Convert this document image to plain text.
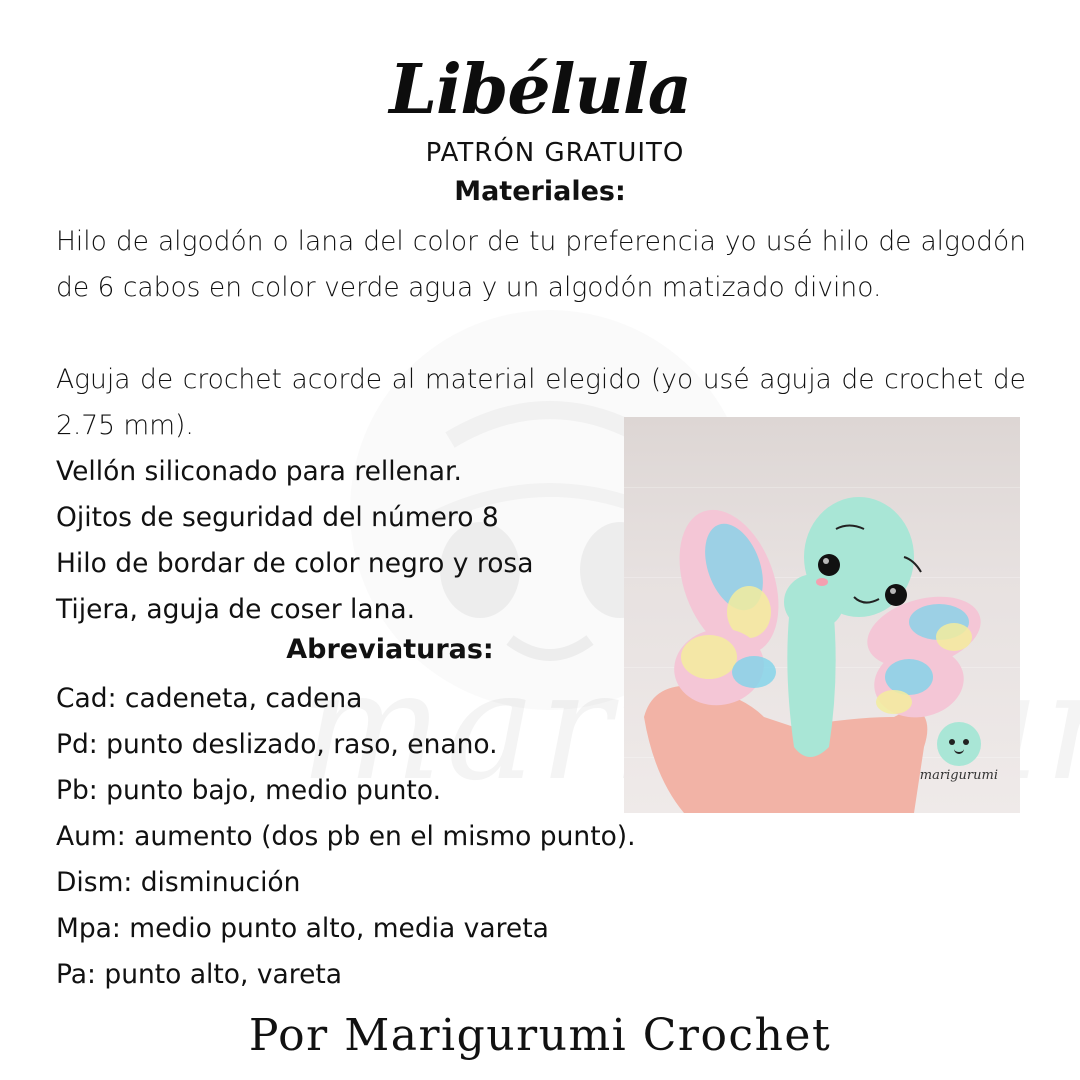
Libélula
PATRÓN GRATUITO
Materiales:

Hilo de algodón o lana del color de tu preferencia yo usé hilo de algodón de 6 cabos en color verde agua y un algodón matizado divino.

Aguja de crochet acorde al material elegido (yo usé aguja de crochet de 2.75 mm).

Vellón siliconado para rellenar.
Ojitos de seguridad del número 8
Hilo de bordar de color negro y rosa
Tijera, aguja de coser lana.
Abreviaturas:
Cad: cadeneta, cadena
Pd: punto deslizado, raso, enano.
Pb: punto bajo, medio punto.
Aum: aumento (dos pb en el mismo punto).
Dism: disminución
Mpa: medio punto alto, media vareta
Pa: punto alto, vareta
marigurumi
Por Marigurumi Crochet
